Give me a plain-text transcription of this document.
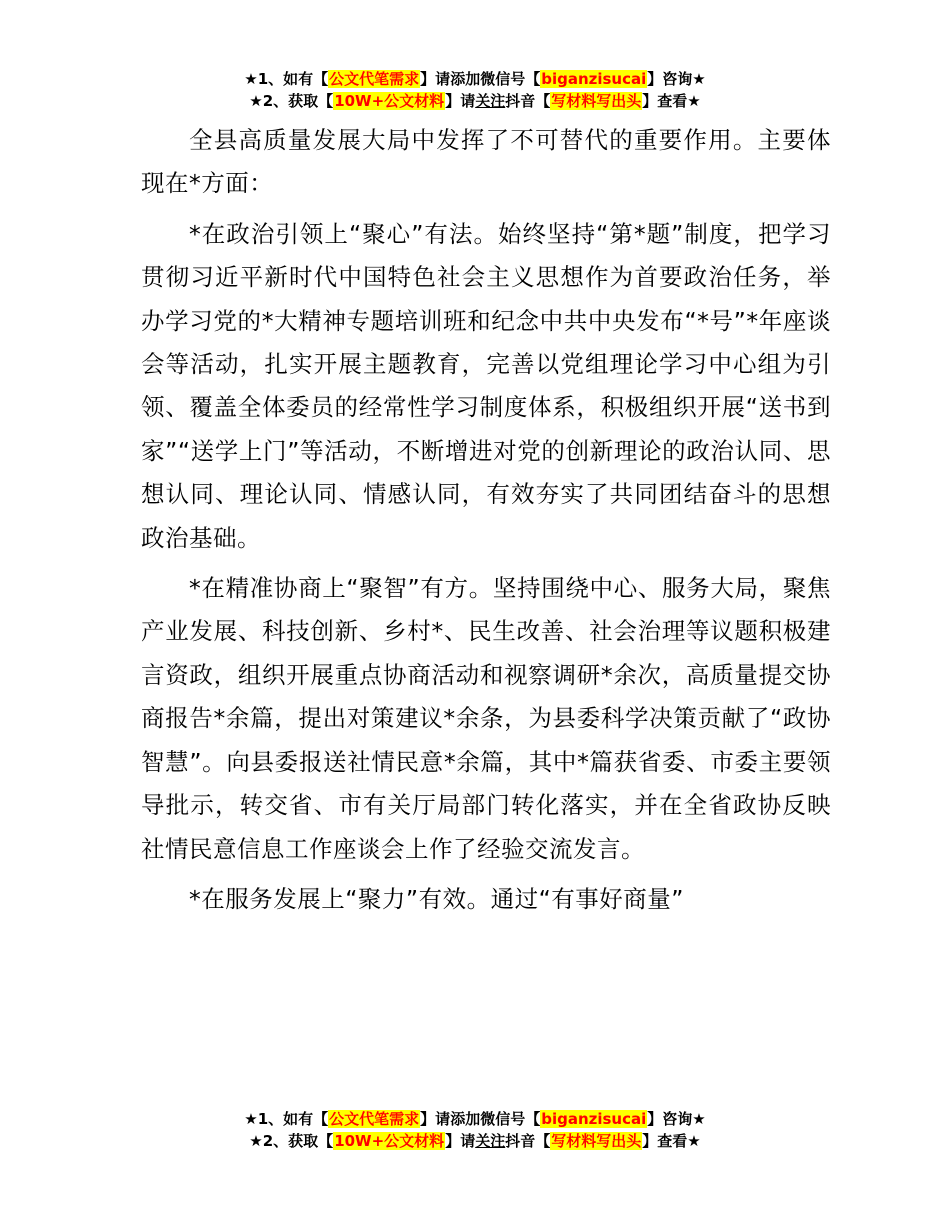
★1、如有【公文代笔需求】请添加微信号【biganzisucai】咨询★
★2、获取【10W+公文材料】请关注抖音【写材料写出头】查看★

全县高质量发展大局中发挥了不可替代的重要作用。主要体现在*方面：

*在政治引领上“聚心”有法。始终坚持“第*题”制度，把学习贯彻习近平新时代中国特色社会主义思想作为首要政治任务，举办学习党的*大精神专题培训班和纪念中共中央发布“*号”*年座谈会等活动，扎实开展主题教育，完善以党组理论学习中心组为引领、覆盖全体委员的经常性学习制度体系，积极组织开展“送书到家”“送学上门”等活动，不断增进对党的创新理论的政治认同、思想认同、理论认同、情感认同，有效夯实了共同团结奋斗的思想政治基础。

*在精准协商上“聚智”有方。坚持围绕中心、服务大局，聚焦产业发展、科技创新、乡村*、民生改善、社会治理等议题积极建言资政，组织开展重点协商活动和视察调研*余次，高质量提交协商报告*余篇，提出对策建议*余条，为县委科学决策贡献了“政协智慧”。向县委报送社情民意*余篇，其中*篇获省委、市委主要领导批示，转交省、市有关厅局部门转化落实，并在全省政协反映社情民意信息工作座谈会上作了经验交流发言。

*在服务发展上“聚力”有效。通过“有事好商量”

★1、如有【公文代笔需求】请添加微信号【biganzisucai】咨询★
★2、获取【10W+公文材料】请关注抖音【写材料写出头】查看★
